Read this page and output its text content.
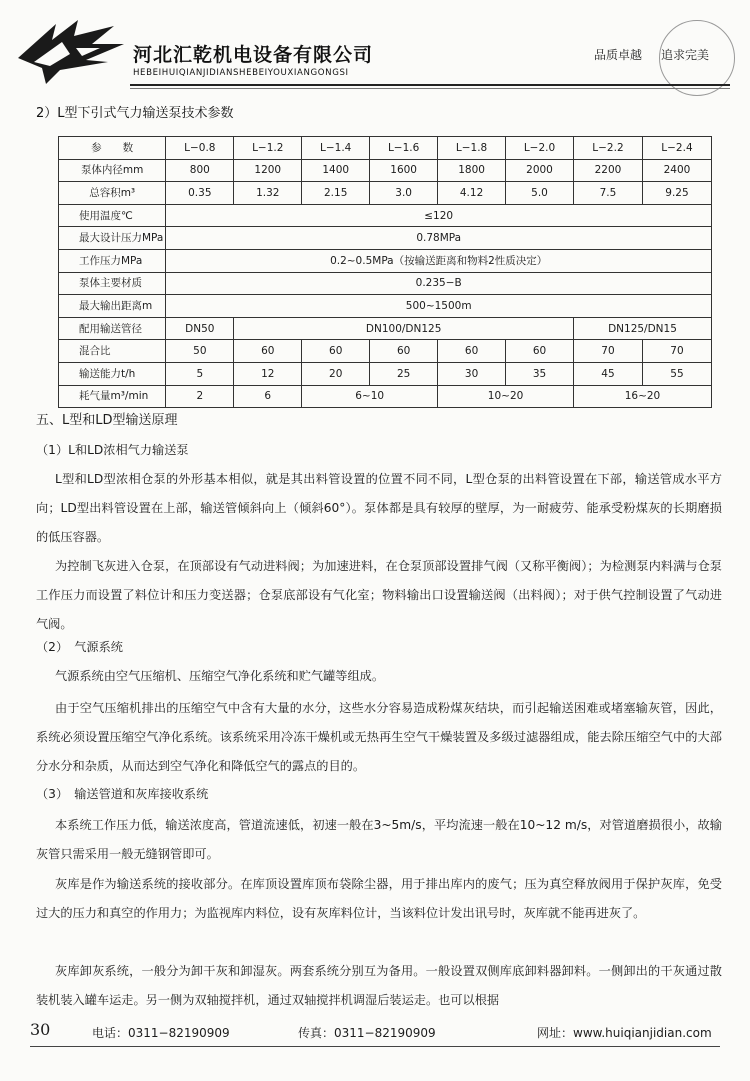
河北汇乾机电设备有限公司
HEBEIHUIQIANJIDIANSHEBEIYOUXIANGONGSI
品质卓越 追求完美
2）L型下引式气力输送泵技术参数
参　　数	L−0.8	L−1.2	L−1.4	L−1.6	L−1.8	L−2.0	L−2.2	L−2.4
泵体内径mm	800	1200	1400	1600	1800	2000	2200	2400
总容积m³	0.35	1.32	2.15	3.0	4.12	5.0	7.5	9.25
使用温度℃	≤120							
最大设计压力MPa	0.78MPa							
工作压力MPa	0.2~0.5MPa（按输送距离和物料2性质决定）							
泵体主要材质	0.235−B							
最大输出距离m	500~1500m							
配用输送管径	DN50	DN100/DN125					DN125/DN15	
混合比	50	60	60	60	60	60	70	70
输送能力t/h	5	12	20	25	30	35	45	55
耗气量m³/min	2	6	6~10		10~20		16~20	
五、L型和LD型输送原理
（1）L和LD浓相气力输送泵
L型和LD型浓相仓泵的外形基本相似，就是其出料管设置的位置不同不同，L型仓泵的出料管设置在下部，输送管成水平方向；LD型出料管设置在上部，输送管倾斜向上（倾斜60°）。泵体都是具有较厚的壁厚，为一耐疲劳、能承受粉煤灰的长期磨损的低压容器。
为控制飞灰进入仓泵，在顶部设有气动进料阀；为加速进料，在仓泵顶部设置排气阀（又称平衡阀）；为检测泵内料满与仓泵工作压力而设置了料位计和压力变送器；仓泵底部设有气化室；物料输出口设置输送阀（出料阀）；对于供气控制设置了气动进气阀。
（2）　气源系统
气源系统由空气压缩机、压缩空气净化系统和贮气罐等组成。
由于空气压缩机排出的压缩空气中含有大量的水分，这些水分容易造成粉煤灰结块，而引起输送困难或堵塞输灰管，因此，系统必须设置压缩空气净化系统。该系统采用冷冻干燥机或无热再生空气干燥装置及多级过滤器组成，能去除压缩空气中的大部分水分和杂质，从而达到空气净化和降低空气的露点的目的。
（3）　输送管道和灰库接收系统
本系统工作压力低，输送浓度高，管道流速低，初速一般在3~5m/s，平均流速一般在10~12 m/s，对管道磨损很小，故输灰管只需采用一般无缝钢管即可。
灰库是作为输送系统的接收部分。在库顶设置库顶布袋除尘器，用于排出库内的废气；压为真空释放阀用于保护灰库，免受过大的压力和真空的作用力；为监视库内料位，设有灰库料位计，当该料位计发出讯号时，灰库就不能再进灰了。
灰库卸灰系统，一般分为卸干灰和卸湿灰。两套系统分别互为备用。一般设置双侧库底卸料器卸料。一侧卸出的干灰通过散装机装入罐车运走。另一侧为双轴搅拌机，通过双轴搅拌机调湿后装运走。也可以根据
30	电话：0311−82190909	传真：0311−82190909	网址：www.huiqianjidian.com
